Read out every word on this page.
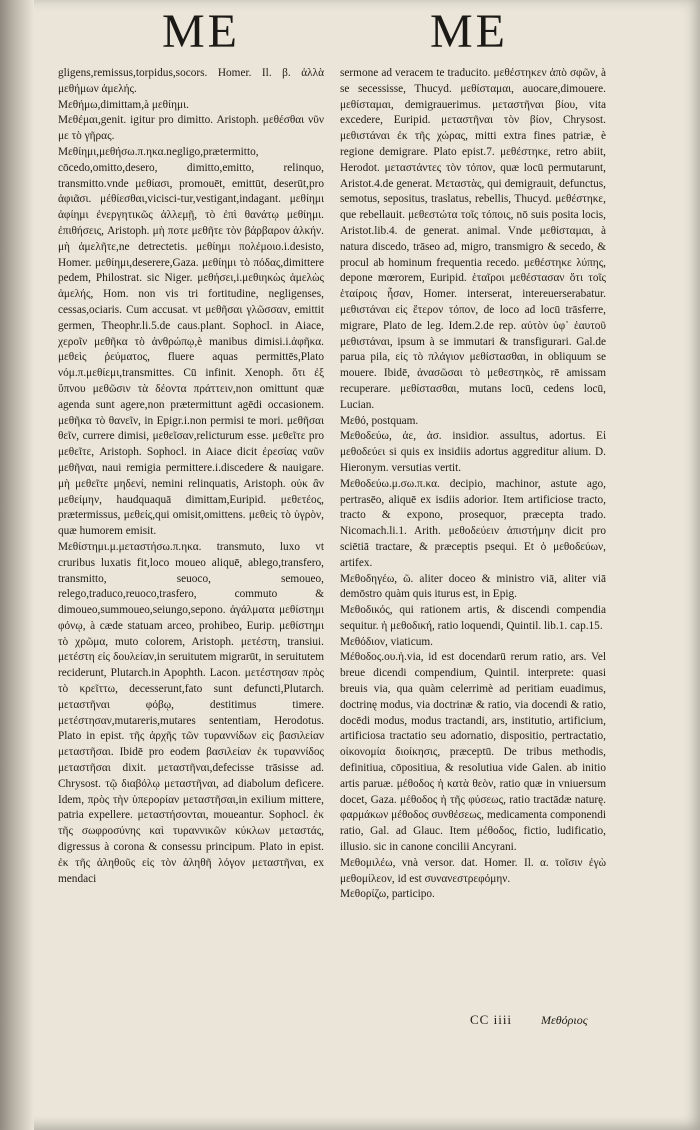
ME	ME

gligens,remissus,torpidus,socors. Homer. Il. β. ἀλλὰ μεθήμων ἀμελής.

Μεθήμω,dimittam,à μεθίημι.

Μεθέμαι,genit. igitur pro dimitto. Aristoph. μεθέσθαι νῦν με τὸ γῆρας.

Μεθίημι,μεθήσω.π.ηκα.negligo,prætermitto, cōcedo,omitto,desero, dimitto,emitto, relinquo, transmitto.vnde μεθίασι, promouēt, emittūt, deserūt,pro ἀφιᾶσι. μέθίεσθαι,vicisci-tur,vestigant,indagant. μεθίημι ἀφίημι ἐνεργητικῶς ἀλλεμῇ, τὸ ἐπὶ θανάτῳ μεθίημι. ἐπιθήσεις, Aristoph. μὴ ποτε μεθῆτε τὸν βάρβαρον ἀλκήν. μὴ ἀμελῆτε,ne detrectetis. μεθίημι πολέμοιο.i.desisto, Homer. μεθίημι,deserere,Gaza. μεθίημι τὸ πόδας,dimittere pedem, Philostrat. sic Niger. μεθήσει,i.μεθιηκὼς ἀμελὼς ἀμελής, Hom. non vis tri fortitudine, negligenses, cessas,ociaris. Cum accusat. vt μεθῆσαι γλῶσσαν, emittit germen, Theophr.li.5.de caus.plant. Sophocl. in Aiace, χεροῖν μεθῆκα τὸ ἀνθρώπῳ,è manibus dimisi.i.ἀφῆκα. μεθεὶς ῥεύματος, fluere aquas permittēs,Plato νόμ.π.μεθίεμι,transmittes. Cū infinit. Xenoph. ὅτι ἐξ ὕπνου μεθῶσιν τὰ δέοντα πράττειν,non omittunt quæ agenda sunt agere,non prætermittunt agēdi occasionem. μεθῆκα τὸ θανεῖν, in Epigr.i.non permisi te mori. μεθῆσαι θεῖν, currere dimisi, μεθεῖσαν,relicturum esse. μεθεῖτε pro μεθεῖτε, Aristoph. Sophocl. in Aiace dicit ἐρεσίας ναῦν μεθῆναι, naui remigia permittere.i.discedere & nauigare. μὴ μεθεῖτε μηδενί, nemini relinquatis, Aristoph. οὐκ ἂν μεθείμην, haudquaquā dimittam,Euripid. μεθετέος, prætermissus, μεθείς,qui omisit,omittens. μεθεὶς τὸ ὑγρὸν, quæ humorem emisit.

Μεθίστημι.μ.μεταστήσω.π.ηκα. transmuto, luxo vt cruribus luxatis fit,loco moueo aliquē, ablego,transfero, transmitto, seuoco, semoueo, relego,traduco,reuoco,trasfero, commuto & dimoueo,summoueo,seiungo,sepono. ἀγάλματα μεθίστημι φόνῳ, à cæde statuam arceo, prohibeo, Eurip. μεθίστημι τὸ χρῶμα, muto colorem, Aristoph. μετέστη, transiui. μετέστη εἰς δουλείαν,in seruitutem migrarūt, in seruitutem reciderunt, Plutarch.in Apophth. Lacon. μετέστησαν πρὸς τὸ κρεῖττω, decesserunt,fato sunt defuncti,Plutarch. μεταστῆναι φόβῳ, destitimus timere. μετέστησαν,mutareris,mutares sententiam, Herodotus. Plato in epist. τῆς ἀρχῆς τῶν τυραννίδων εἰς βασιλείαν μεταστῆσαι. Ibidē pro eodem βασιλείαν ἐκ τυραννίδος μεταστῆσαι dixit. μεταστῆναι,defecisse trāsisse ad. Chrysost. τῷ διαβόλῳ μεταστῆναι, ad diabolum deficere. Idem, πρὸς τὴν ὑπερορίαν μεταστῆσαι,in exilium mittere, patria expellere. μεταστήσονται, moueantur. Sophocl. ἐκ τῆς σωφροσύνης καὶ τυραννικῶν κύκλων μεταστάς, digressus à corona & consessu principum. Plato in epist. ἐκ τῆς ἀληθοῦς εἰς τὸν ἀληθῆ λόγον μεταστῆναι, ex mendaci

sermone ad veracem te traducito. μεθέστηκεν ἀπὸ σφῶν, à se secessisse, Thucyd. μεθίσταμαι, auocare,dimouere. μεθίσταμαι, demigrauerimus. μεταστῆναι βίου, vita excedere, Euripid. μεταστῆναι τὸν βίον, Chrysost. μεθιστάναι ἐκ τῆς χώρας, mitti extra fines patriæ, è regione demigrare. Plato epist.7. μεθέστηκε, retro abiit, Herodot. μεταστάντες τὸν τόπον, quæ locū permutarunt, Aristot.4.de generat. Μεταστὰς, qui demigrauit, defunctus, semotus, sepositus, traslatus, rebellis, Thucyd. μεθέστηκε, que rebellauit. μεθεστώτα τοῖς τόποις, nō suis posita locis, Aristot.lib.4. de generat. animal. Vnde μεθίσταμαι, à natura discedo, trāseo ad, migro, transmigro & secedo, & procul ab hominum frequentia recedo. μεθέστηκε λύπης, depone mœrorem, Euripid. ἑταῖροι μεθέστασαν ὅτι τοῖς ἑταίροις ἦσαν, Homer. interserat, intereuerserabatur. μεθιστάναι εἰς ἕτερον τόπον, de loco ad locū trāsferre, migrare, Plato de leg. Idem.2.de rep. αὐτὸν ὑφ᾽ ἑαυτοῦ μεθιστάναι, ipsum à se immutari & transfigurari. Gal.de parua pila, εἰς τὸ πλάγιον μεθίστασθαι, in obliquum se mouere. Ibidē, ἀνασῶσαι τὸ μεθεστηκὸς, rē amissam recuperare. μεθίστασθαι, mutans locū, cedens locū, Lucian.

Μεθό, postquam.

Μεθοδεύω, ἀε, ἀσ. insidior. assultus, adortus. Εἰ μεθοδεύει si quis ex insidiis adortus aggreditur alium. D. Hieronym. versutias vertit.

Μεθοδεύω.μ.σω.π.κα. decipio, machinor, astute ago, pertrasēo, aliquē ex isdiis adorior. Item artificiose tracto, tracto & expono, prosequor, præcepta trado. Nicomach.li.1. Arith. μεθοδεύειν ἀπιστήμην dicit pro sciētiā tractare, & præceptis psequi. Et ὁ μεθοδεύων, artifex.

Μεθοδηγέω, ῶ. aliter doceo & ministro viā, aliter viā demōstro quàm quis iturus est, in Epig.

Μεθοδικός, qui rationem artis, & discendi compendia sequitur. ἡ μεθοδική, ratio loquendi, Quintil. lib.1. cap.15.

Μεθόδιον, viaticum.

Μέθοδος.ου.ἡ.via, id est docendarū rerum ratio, ars. Vel breue dicendi compendium, Quintil. interprete: quasi breuis via, qua quàm celerrimè ad peritiam euadimus, doctrinę modus, via doctrinæ & ratio, via docendi & ratio, docēdi modus, modus tractandi, ars, institutio, artificium, artificiosa tractatio seu adornatio, dispositio, pertractatio, οἰκονομία διοίκησις, præceptū. De tribus methodis, definitiua, cōpositiua, & resolutiua vide Galen. ab initio artis paruæ. μέθοδος ἡ κατὰ θεὸν, ratio quæ in vniuersum docet, Gaza. μέθοδος ἡ τῆς φύσεως, ratio tractādæ naturę. φαρμάκων μέθοδος συνθέσεως, medicamenta componendi ratio, Gal. ad Glauc. Item μέθοδος, fictio, ludificatio, illusio. sic in canone concilii Ancyrani.

Μεθομιλέω, vnà versor. dat. Homer. Il. α. τοῖσιν ἐγὼ μεθομίλεον, id est συνανεστρεφόμην.

Μεθορίζω, participo.

CC iiii Μεθόριος
